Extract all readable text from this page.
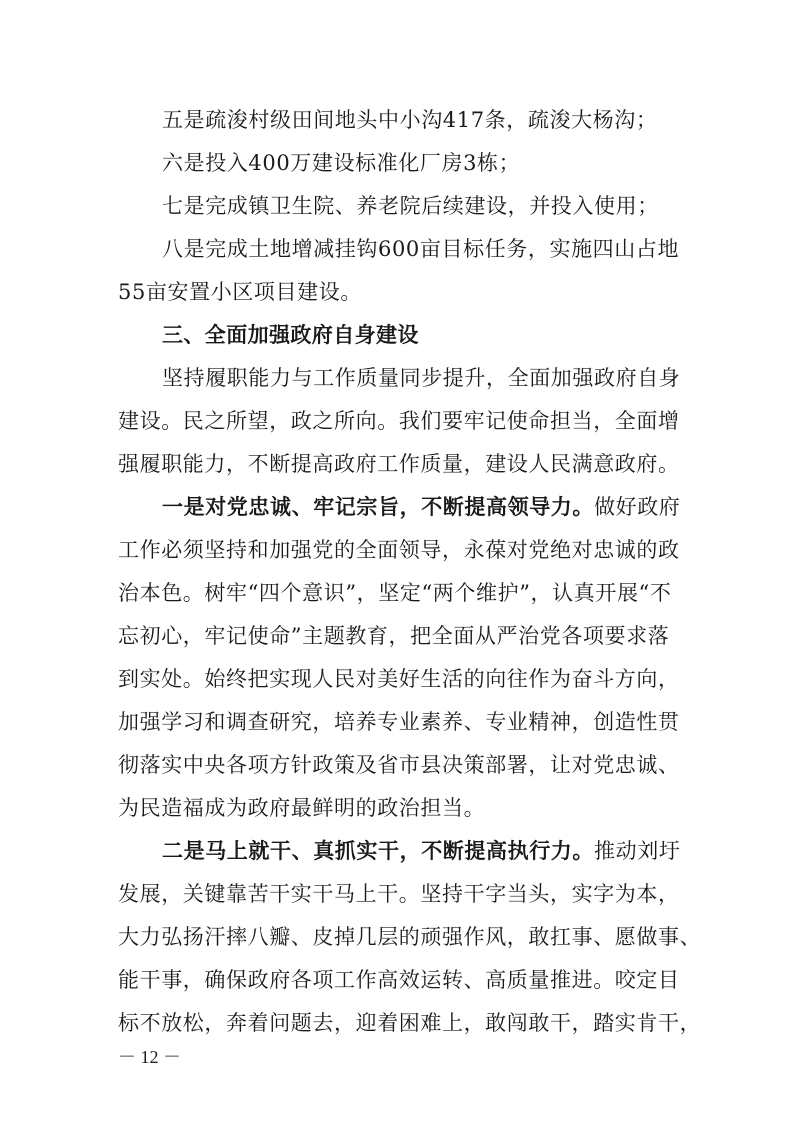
五是疏浚村级田间地头中小沟417条，疏浚大杨沟；
六是投入400万建设标准化厂房3栋；
七是完成镇卫生院、养老院后续建设，并投入使用；
八是完成土地增减挂钩600亩目标任务，实施四山占地
55亩安置小区项目建设。
三、全面加强政府自身建设
坚持履职能力与工作质量同步提升，全面加强政府自身
建设。民之所望，政之所向。我们要牢记使命担当，全面增
强履职能力，不断提高政府工作质量，建设人民满意政府。
一是对党忠诚、牢记宗旨，不断提高领导力。做好政府
工作必须坚持和加强党的全面领导，永葆对党绝对忠诚的政
治本色。树牢“四个意识”，坚定“两个维护”，认真开展“不
忘初心，牢记使命”主题教育，把全面从严治党各项要求落
到实处。始终把实现人民对美好生活的向往作为奋斗方向，
加强学习和调查研究，培养专业素养、专业精神，创造性贯
彻落实中央各项方针政策及省市县决策部署，让对党忠诚、
为民造福成为政府最鲜明的政治担当。
二是马上就干、真抓实干，不断提高执行力。推动刘圩
发展，关键靠苦干实干马上干。坚持干字当头，实字为本，
大力弘扬汗摔八瓣、皮掉几层的顽强作风，敢扛事、愿做事、
能干事，确保政府各项工作高效运转、高质量推进。咬定目
标不放松，奔着问题去，迎着困难上，敢闯敢干，踏实肯干，
－ 12 －
